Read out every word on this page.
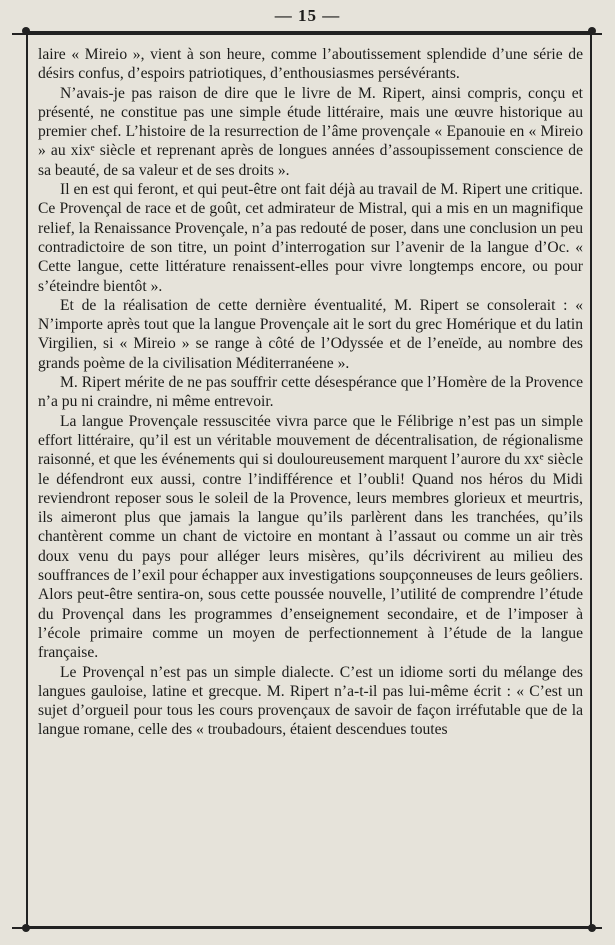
— 15 —

laire « Mireio », vient à son heure, comme l’aboutissement splendide d’une série de désirs confus, d’espoirs patriotiques, d’enthousiasmes persévérants.

N’avais-je pas raison de dire que le livre de M. Ripert, ainsi compris, conçu et présenté, ne constitue pas une simple étude littéraire, mais une œuvre historique au premier chef. L’histoire de la resurrection de l’âme provençale « Epanouie en « Mireio » au xixᵉ siècle et reprenant après de longues années d’assoupissement conscience de sa beauté, de sa valeur et de ses droits ».

Il en est qui feront, et qui peut-être ont fait déjà au travail de M. Ripert une critique. Ce Provençal de race et de goût, cet admirateur de Mistral, qui a mis en un magnifique relief, la Renaissance Provençale, n’a pas redouté de poser, dans une conclusion un peu contradictoire de son titre, un point d’interrogation sur l’avenir de la langue d’Oc. « Cette langue, cette littérature renaissent-elles pour vivre longtemps encore, ou pour s’éteindre bientôt ».

Et de la réalisation de cette dernière éventualité, M. Ripert se consolerait : « N’importe après tout que la langue Provençale ait le sort du grec Homérique et du latin Virgilien, si « Mireio » se range à côté de l’Odyssée et de l’eneïde, au nombre des grands poème de la civilisation Méditerranéene ».

M. Ripert mérite de ne pas souffrir cette désespérance que l’Homère de la Provence n’a pu ni craindre, ni même entrevoir.

La langue Provençale ressuscitée vivra parce que le Félibrige n’est pas un simple effort littéraire, qu’il est un véritable mouvement de décentralisation, de régionalisme raisonné, et que les événements qui si douloureusement marquent l’aurore du xxᵉ siècle le défendront eux aussi, contre l’indifférence et l’oubli! Quand nos héros du Midi reviendront reposer sous le soleil de la Provence, leurs membres glorieux et meurtris, ils aimeront plus que jamais la langue qu’ils parlèrent dans les tranchées, qu’ils chantèrent comme un chant de victoire en montant à l’assaut ou comme un air très doux venu du pays pour alléger leurs misères, qu’ils décrivirent au milieu des souffrances de l’exil pour échapper aux investigations soupçonneuses de leurs geôliers. Alors peut-être sentira-on, sous cette poussée nouvelle, l’utilité de comprendre l’étude du Provençal dans les programmes d’enseignement secondaire, et de l’imposer à l’école primaire comme un moyen de perfectionnement à l’étude de la langue française.

Le Provençal n’est pas un simple dialecte. C’est un idiome sorti du mélange des langues gauloise, latine et grecque. M. Ripert n’a-t-il pas lui-même écrit : « C’est un sujet d’orgueil pour tous les cours provençaux de savoir de façon irréfutable que de la langue romane, celle des « troubadours, étaient descendues toutes
